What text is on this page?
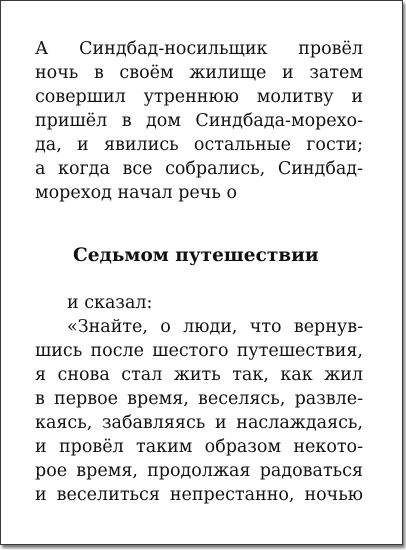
А Синдбад-носильщик провёл
ночь в своём жилище и затем
совершил утреннюю молитву и
пришёл в дом Синдбада-морехо-
да, и явились остальные гости;
а когда все собрались, Синдбад-
мореход начал речь о
Седьмом путешествии
и сказал:
«Знайте, о люди, что вернув-
шись после шестого путешествия,
я снова стал жить так, как жил
в первое время, веселясь, развле-
каясь, забавляясь и наслаждаясь,
и провёл таким образом некото-
рое время, продолжая радоваться
и веселиться непрестанно, ночью
